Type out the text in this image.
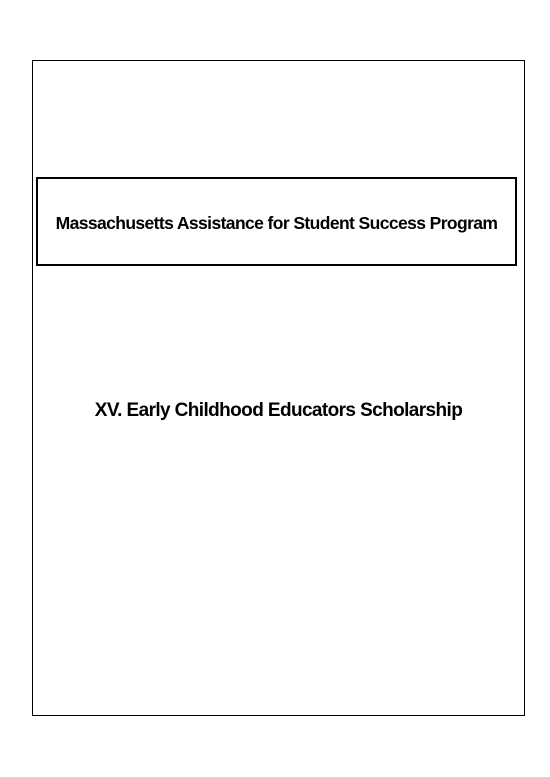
Massachusetts Assistance for Student Success Program
XV. Early Childhood Educators Scholarship
